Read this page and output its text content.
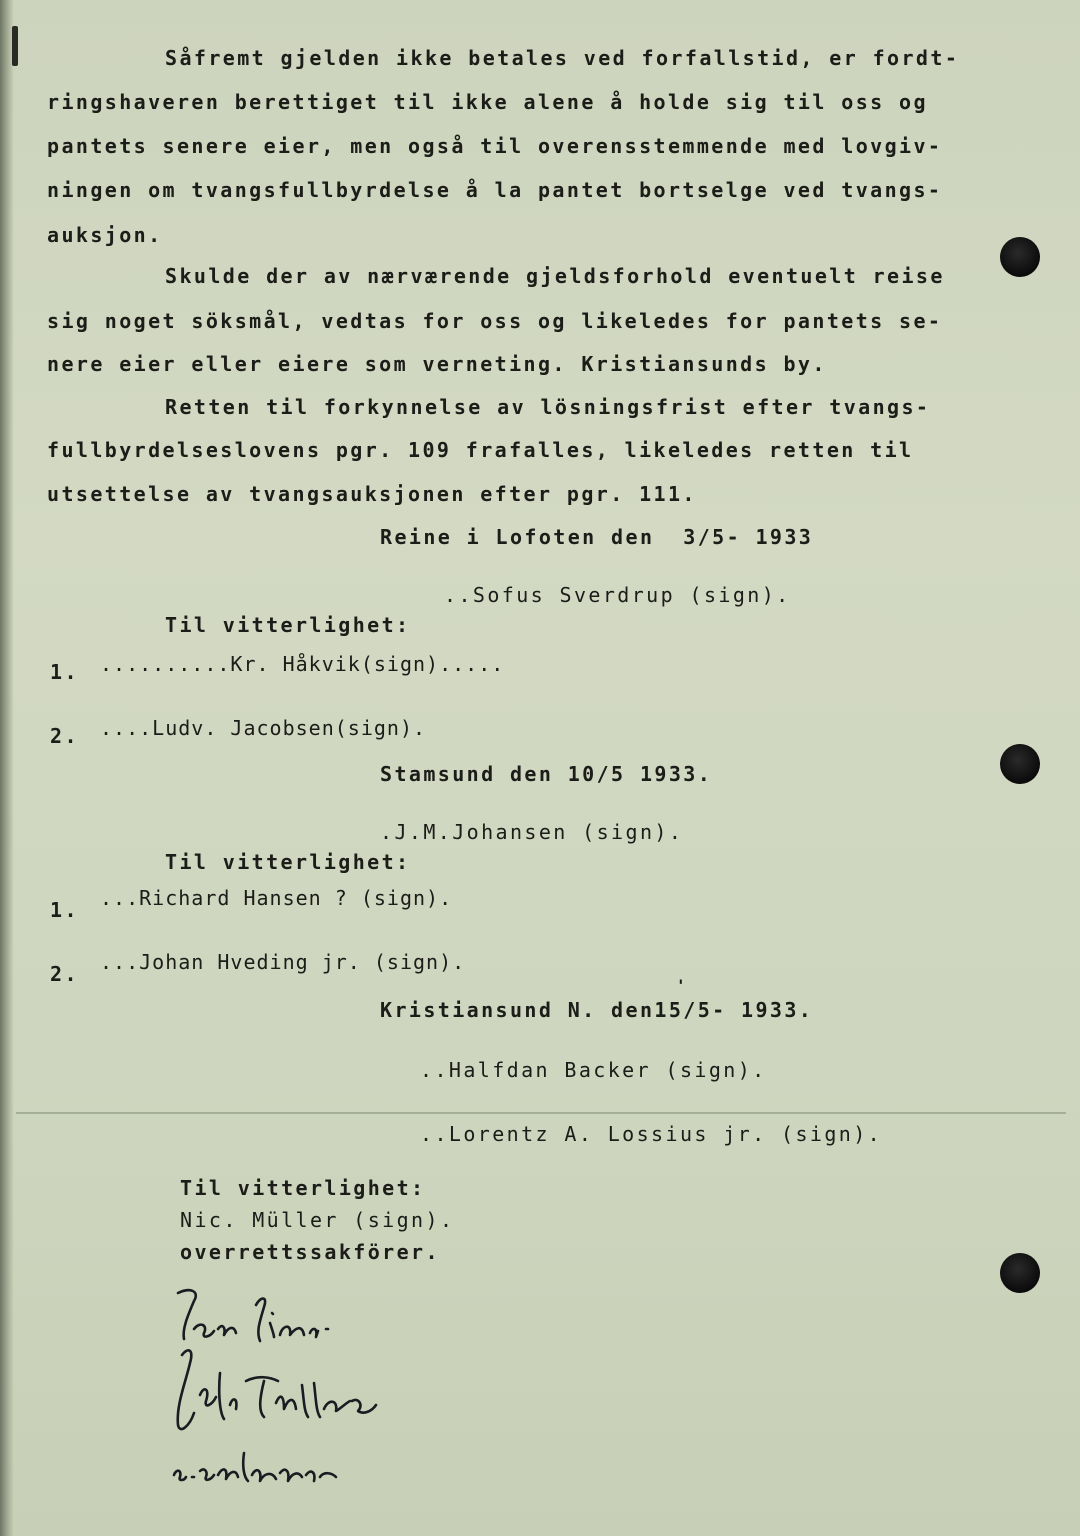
Såfremt gjelden ikke betales ved forfallstid, er fordt-
ringshaveren berettiget til ikke alene å holde sig til oss og
pantets senere eier, men også til overensstemmende med lovgiv-
ningen om tvangsfullbyrdelse å la pantet bortselge ved tvangs-
auksjon.
Skulde der av nærværende gjeldsforhold eventuelt reise
sig noget söksmål, vedtas for oss og likeledes for pantets se-
nere eier eller eiere som verneting. Kristiansunds by.
Retten til forkynnelse av lösningsfrist efter tvangs-
fullbyrdelseslovens pgr. 109 frafalles, likeledes retten til
utsettelse av tvangsauksjonen efter pgr. 111.
Reine i Lofoten den  3/5- 1933
..Sofus Sverdrup (sign).
Til vitterlighet:
1. ..........Kr. Håkvik(sign).....
2. ....Ludv. Jacobsen(sign).
Stamsund den 10/5 1933.
.J.M.Johansen (sign).
Til vitterlighet:
1. ...Richard Hansen ? (sign).
2. ...Johan Hveding jr. (sign).
Kristiansund N. den15/5- 1933.
..Halfdan Backer (sign).
..Lorentz A. Lossius jr. (sign).
Til vitterlighet:
Nic. Müller (sign).
overrettssakförer.
'
